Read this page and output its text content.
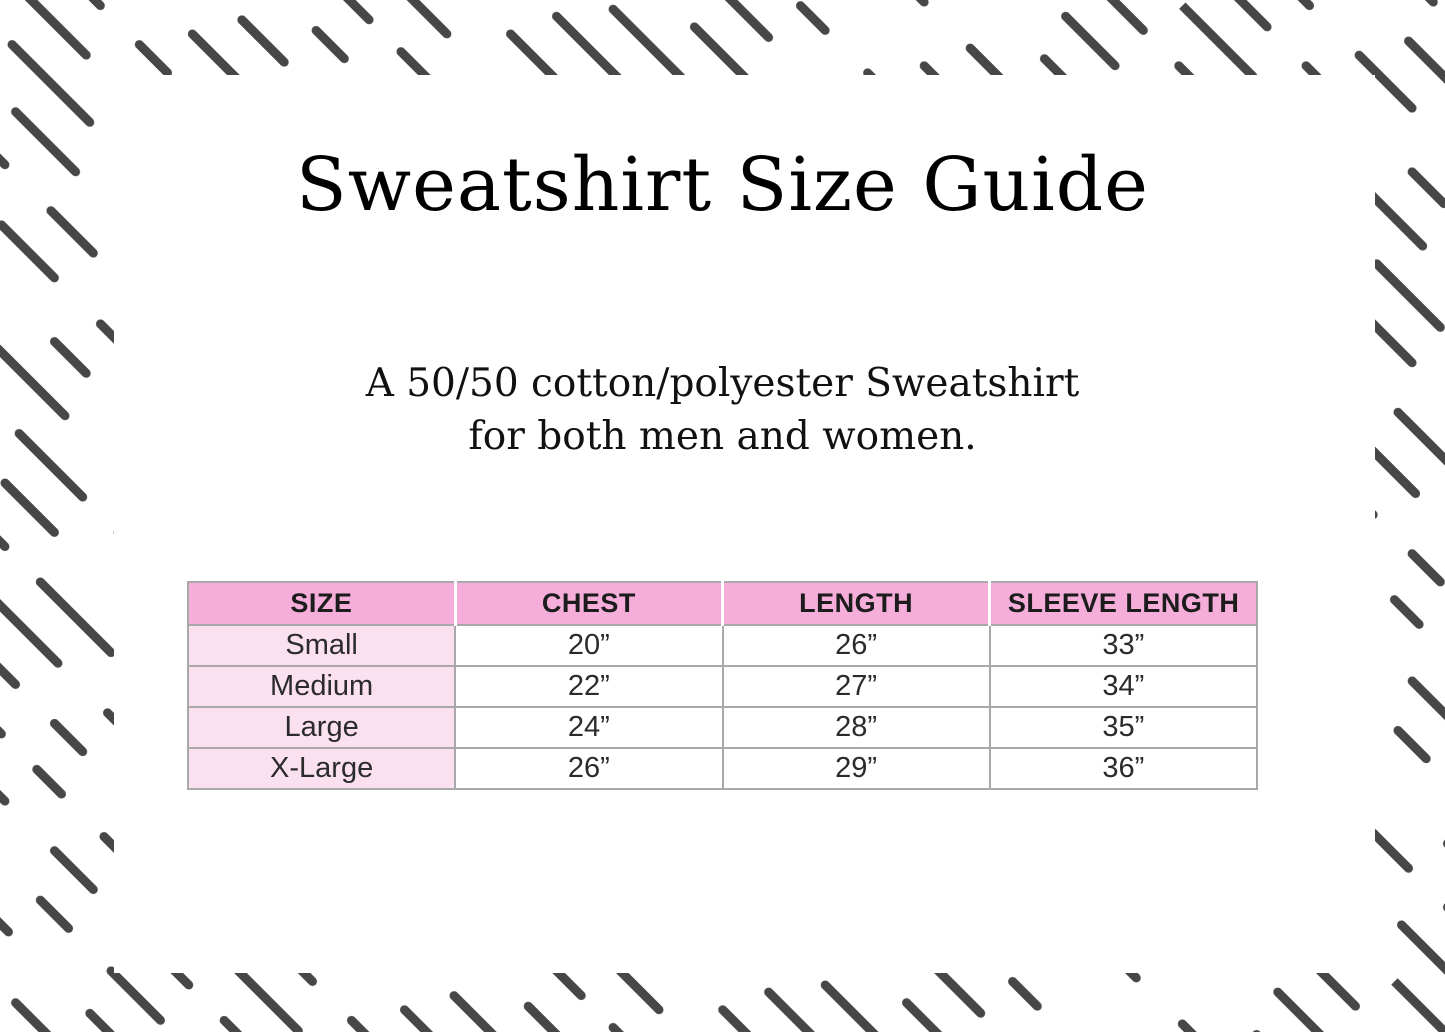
Sweatshirt Size Guide
A 50/50 cotton/polyester Sweatshirt
for both men and women.
SIZE	CHEST	LENGTH	SLEEVE LENGTH
Small	20”	26”	33”
Medium	22”	27”	34”
Large	24”	28”	35”
X-Large	26”	29”	36”
